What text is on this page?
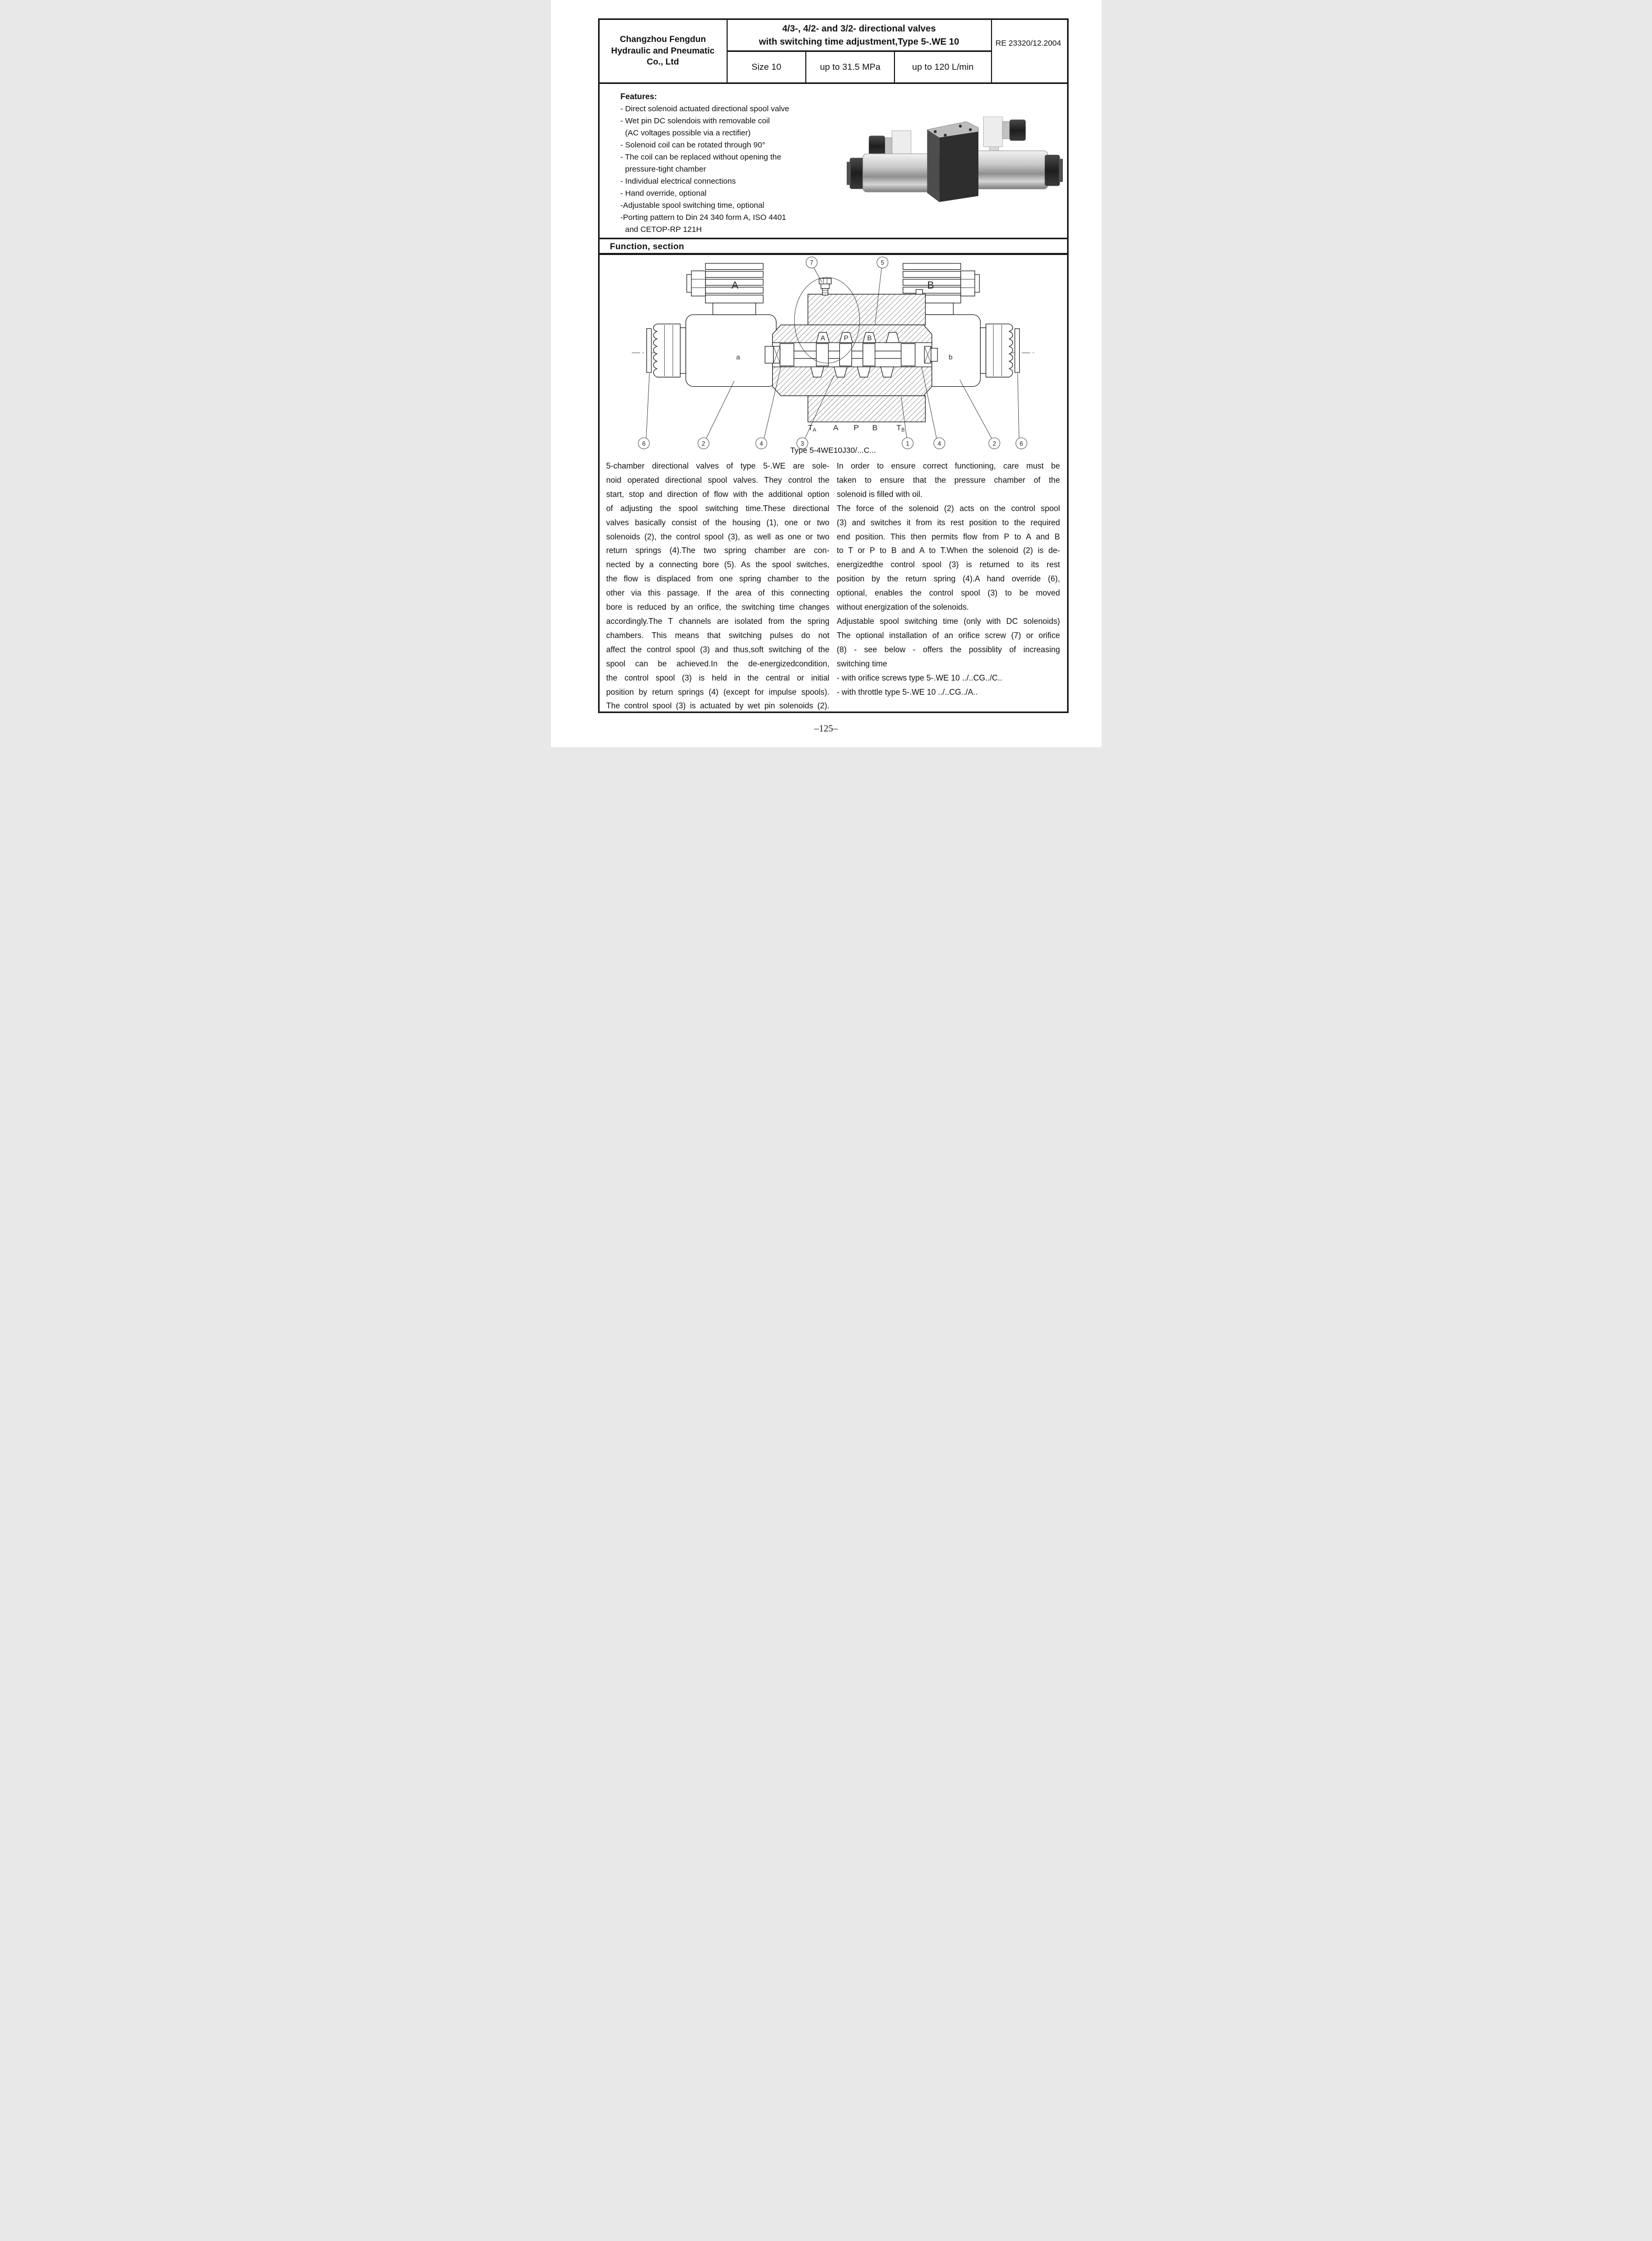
Changzhou Fengdun Hydraulic and Pneumatic Co., Ltd
4/3-, 4/2- and 3/2- directional valves
with switching time adjustment,Type 5-.WE 10
Size 10	up to 31.5 MPa	up to 120 L/min
RE 23320/12.2004
Features:
- Direct solenoid actuated directional spool valve
- Wet pin DC solendois with removable coil
(AC voltages possible via a rectifier)
- Solenoid coil can be rotated through 90°
- The coil can be replaced without opening the
pressure-tight chamber
- Individual electrical connections
- Hand override, optional
-Adjustable spool switching time, optional
-Porting pattern to Din 24 340 form A, ISO 4401
and CETOP-RP 121H
Function, section
A	B
A P B
TA A P B TB
a	b
7	5
6	2	4	3	1	4	2	6
Type 5-4WE10J30/...C...
5-chamber directional valves of type 5-.WE are sole-
noid operated directional spool valves. They control the
start, stop and direction of flow with the additional option
of adjusting the spool switching time.These directional
valves basically consist of the housing (1), one or two
solenoids (2), the control spool (3), as well as one or two
return springs (4).The two spring chamber are con-
nected by a connecting bore (5). As the spool switches,
the flow is displaced from one spring chamber to the
other via this passage. If the area of this connecting
bore is reduced by an orifice, the switching time changes
accordingly.The T channels are isolated from the spring
chambers. This means that switching pulses do not
affect the control spool (3) and thus,soft switching of the
spool can be achieved.In the de-energizedcondition,
the control spool (3) is held in the central or initial
position by return springs (4) (except for impulse spools).
The control spool (3) is actuated by wet pin solenoids (2).
In order to ensure correct functioning, care must be
taken to ensure that the pressure chamber of the
solenoid is filled with oil.
The force of the solenoid (2) acts on the control spool
(3) and switches it from its rest position to the required
end position. This then permits flow from P to A and B
to T or P to B and A to T.When the solenoid (2) is de-
energizedthe control spool (3) is returned to its rest
position by the return spring (4).A hand override (6),
optional, enables the control spool (3) to be moved
without energization of the solenoids.
Adjustable spool switching time (only with DC solenoids)
The optional installation of an orifice screw (7) or orifice
(8) - see below - offers the possiblity of increasing
switching time
- with orifice screws type 5-.WE 10 ../..CG../C..
- with throttle type 5-.WE 10 ../..CG../A..
–125–
